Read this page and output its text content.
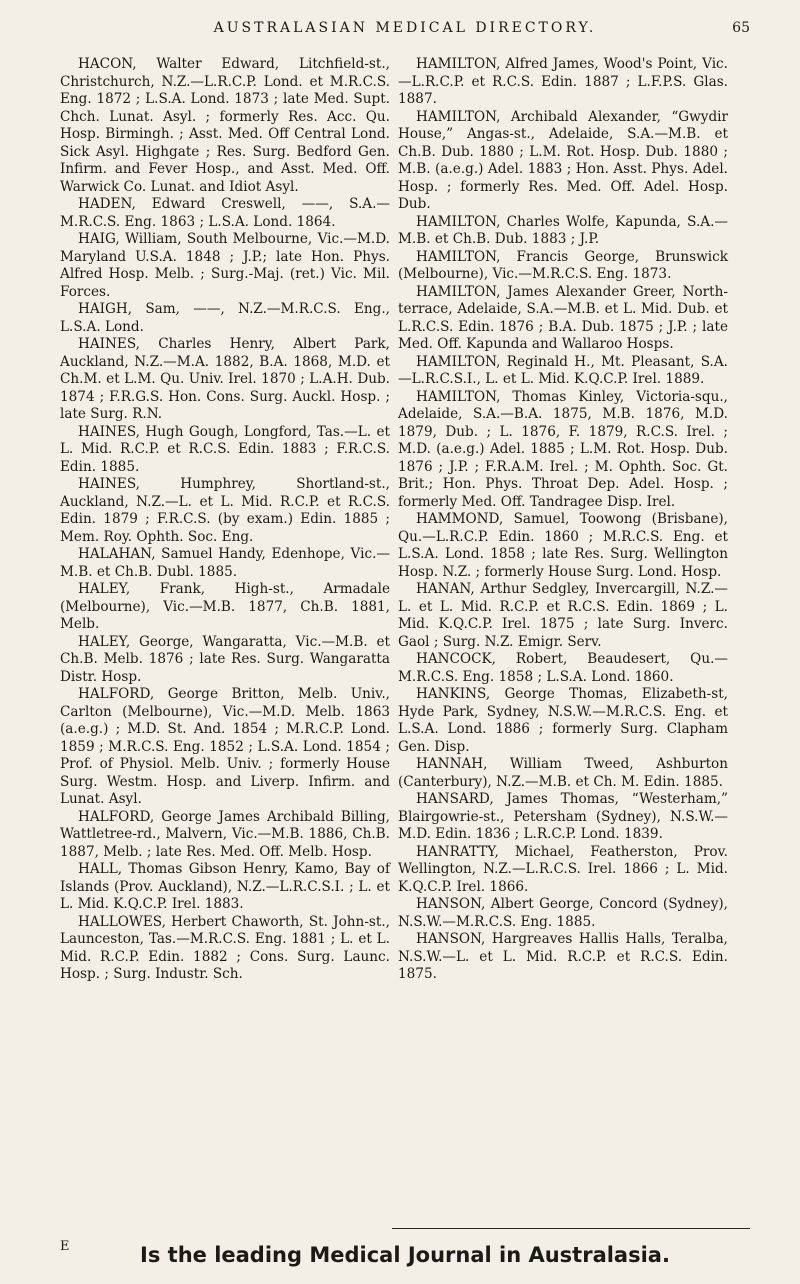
AUSTRALASIAN MEDICAL DIRECTORY.	65

HACON, Walter Edward, Litchfield-st., Christchurch, N.Z.—L.R.C.P. Lond. et M.R.C.S. Eng. 1872 ; L.S.A. Lond. 1873 ; late Med. Supt. Chch. Lunat. Asyl. ; formerly Res. Acc. Qu. Hosp. Birmingh. ; Asst. Med. Off Central Lond. Sick Asyl. Highgate ; Res. Surg. Bedford Gen. Infirm. and Fever Hosp., and Asst. Med. Off. Warwick Co. Lunat. and Idiot Asyl.

HADEN, Edward Creswell, ——, S.A.—M.R.C.S. Eng. 1863 ; L.S.A. Lond. 1864.

HAIG, William, South Melbourne, Vic.—M.D. Maryland U.S.A. 1848 ; J.P.; late Hon. Phys. Alfred Hosp. Melb. ; Surg.-Maj. (ret.) Vic. Mil. Forces.

HAIGH, Sam, ——, N.Z.—M.R.C.S. Eng., L.S.A. Lond.

HAINES, Charles Henry, Albert Park, Auckland, N.Z.—M.A. 1882, B.A. 1868, M.D. et Ch.M. et L.M. Qu. Univ. Irel. 1870 ; L.A.H. Dub. 1874 ; F.R.G.S. Hon. Cons. Surg. Auckl. Hosp. ; late Surg. R.N.

HAINES, Hugh Gough, Longford, Tas.—L. et L. Mid. R.C.P. et R.C.S. Edin. 1883 ; F.R.C.S. Edin. 1885.

HAINES, Humphrey, Shortland-st., Auckland, N.Z.—L. et L. Mid. R.C.P. et R.C.S. Edin. 1879 ; F.R.C.S. (by exam.) Edin. 1885 ; Mem. Roy. Ophth. Soc. Eng.

HALAHAN, Samuel Handy, Edenhope, Vic.—M.B. et Ch.B. Dubl. 1885.

HALEY, Frank, High-st., Armadale (Melbourne), Vic.—M.B. 1877, Ch.B. 1881, Melb.

HALEY, George, Wangaratta, Vic.—M.B. et Ch.B. Melb. 1876 ; late Res. Surg. Wangaratta Distr. Hosp.

HALFORD, George Britton, Melb. Univ., Carlton (Melbourne), Vic.—M.D. Melb. 1863 (a.e.g.) ; M.D. St. And. 1854 ; M.R.C.P. Lond. 1859 ; M.R.C.S. Eng. 1852 ; L.S.A. Lond. 1854 ; Prof. of Physiol. Melb. Univ. ; formerly House Surg. Westm. Hosp. and Liverp. Infirm. and Lunat. Asyl.

HALFORD, George James Archibald Billing, Wattletree-rd., Malvern, Vic.—M.B. 1886, Ch.B. 1887, Melb. ; late Res. Med. Off. Melb. Hosp.

HALL, Thomas Gibson Henry, Kamo, Bay of Islands (Prov. Auckland), N.Z.—L.R.C.S.I. ; L. et L. Mid. K.Q.C.P. Irel. 1883.

HALLOWES, Herbert Chaworth, St. John-st., Launceston, Tas.—M.R.C.S. Eng. 1881 ; L. et L. Mid. R.C.P. Edin. 1882 ; Cons. Surg. Launc. Hosp. ; Surg. Industr. Sch.

HAMILTON, Alfred James, Wood's Point, Vic.—L.R.C.P. et R.C.S. Edin. 1887 ; L.F.P.S. Glas. 1887.

HAMILTON, Archibald Alexander, “Gwydir House,” Angas-st., Adelaide, S.A.—M.B. et Ch.B. Dub. 1880 ; L.M. Rot. Hosp. Dub. 1880 ; M.B. (a.e.g.) Adel. 1883 ; Hon. Asst. Phys. Adel. Hosp. ; formerly Res. Med. Off. Adel. Hosp. Dub.

HAMILTON, Charles Wolfe, Kapunda, S.A.—M.B. et Ch.B. Dub. 1883 ; J.P.

HAMILTON, Francis George, Brunswick (Melbourne), Vic.—M.R.C.S. Eng. 1873.

HAMILTON, James Alexander Greer, North-terrace, Adelaide, S.A.—M.B. et L. Mid. Dub. et L.R.C.S. Edin. 1876 ; B.A. Dub. 1875 ; J.P. ; late Med. Off. Kapunda and Wallaroo Hosps.

HAMILTON, Reginald H., Mt. Pleasant, S.A.—L.R.C.S.I., L. et L. Mid. K.Q.C.P. Irel. 1889.

HAMILTON, Thomas Kinley, Victoria-squ., Adelaide, S.A.—B.A. 1875, M.B. 1876, M.D. 1879, Dub. ; L. 1876, F. 1879, R.C.S. Irel. ; M.D. (a.e.g.) Adel. 1885 ; L.M. Rot. Hosp. Dub. 1876 ; J.P. ; F.R.A.M. Irel. ; M. Ophth. Soc. Gt. Brit.; Hon. Phys. Throat Dep. Adel. Hosp. ; formerly Med. Off. Tandragee Disp. Irel.

HAMMOND, Samuel, Toowong (Brisbane), Qu.—L.R.C.P. Edin. 1860 ; M.R.C.S. Eng. et L.S.A. Lond. 1858 ; late Res. Surg. Wellington Hosp. N.Z. ; formerly House Surg. Lond. Hosp.

HANAN, Arthur Sedgley, Invercargill, N.Z.—L. et L. Mid. R.C.P. et R.C.S. Edin. 1869 ; L. Mid. K.Q.C.P. Irel. 1875 ; late Surg. Inverc. Gaol ; Surg. N.Z. Emigr. Serv.

HANCOCK, Robert, Beaudesert, Qu.—M.R.C.S. Eng. 1858 ; L.S.A. Lond. 1860.

HANKINS, George Thomas, Elizabeth-st, Hyde Park, Sydney, N.S.W.—M.R.C.S. Eng. et L.S.A. Lond. 1886 ; formerly Surg. Clapham Gen. Disp.

HANNAH, William Tweed, Ashburton (Canterbury), N.Z.—M.B. et Ch. M. Edin. 1885.

HANSARD, James Thomas, “Westerham,” Blairgowrie-st., Petersham (Sydney), N.S.W.—M.D. Edin. 1836 ; L.R.C.P. Lond. 1839.

HANRATTY, Michael, Featherston, Prov. Wellington, N.Z.—L.R.C.S. Irel. 1866 ; L. Mid. K.Q.C.P. Irel. 1866.

HANSON, Albert George, Concord (Sydney), N.S.W.—M.R.C.S. Eng. 1885.

HANSON, Hargreaves Hallis Halls, Teralba, N.S.W.—L. et L. Mid. R.C.P. et R.C.S. Edin. 1875.

E	Is the leading Medical Journal in Australasia.
